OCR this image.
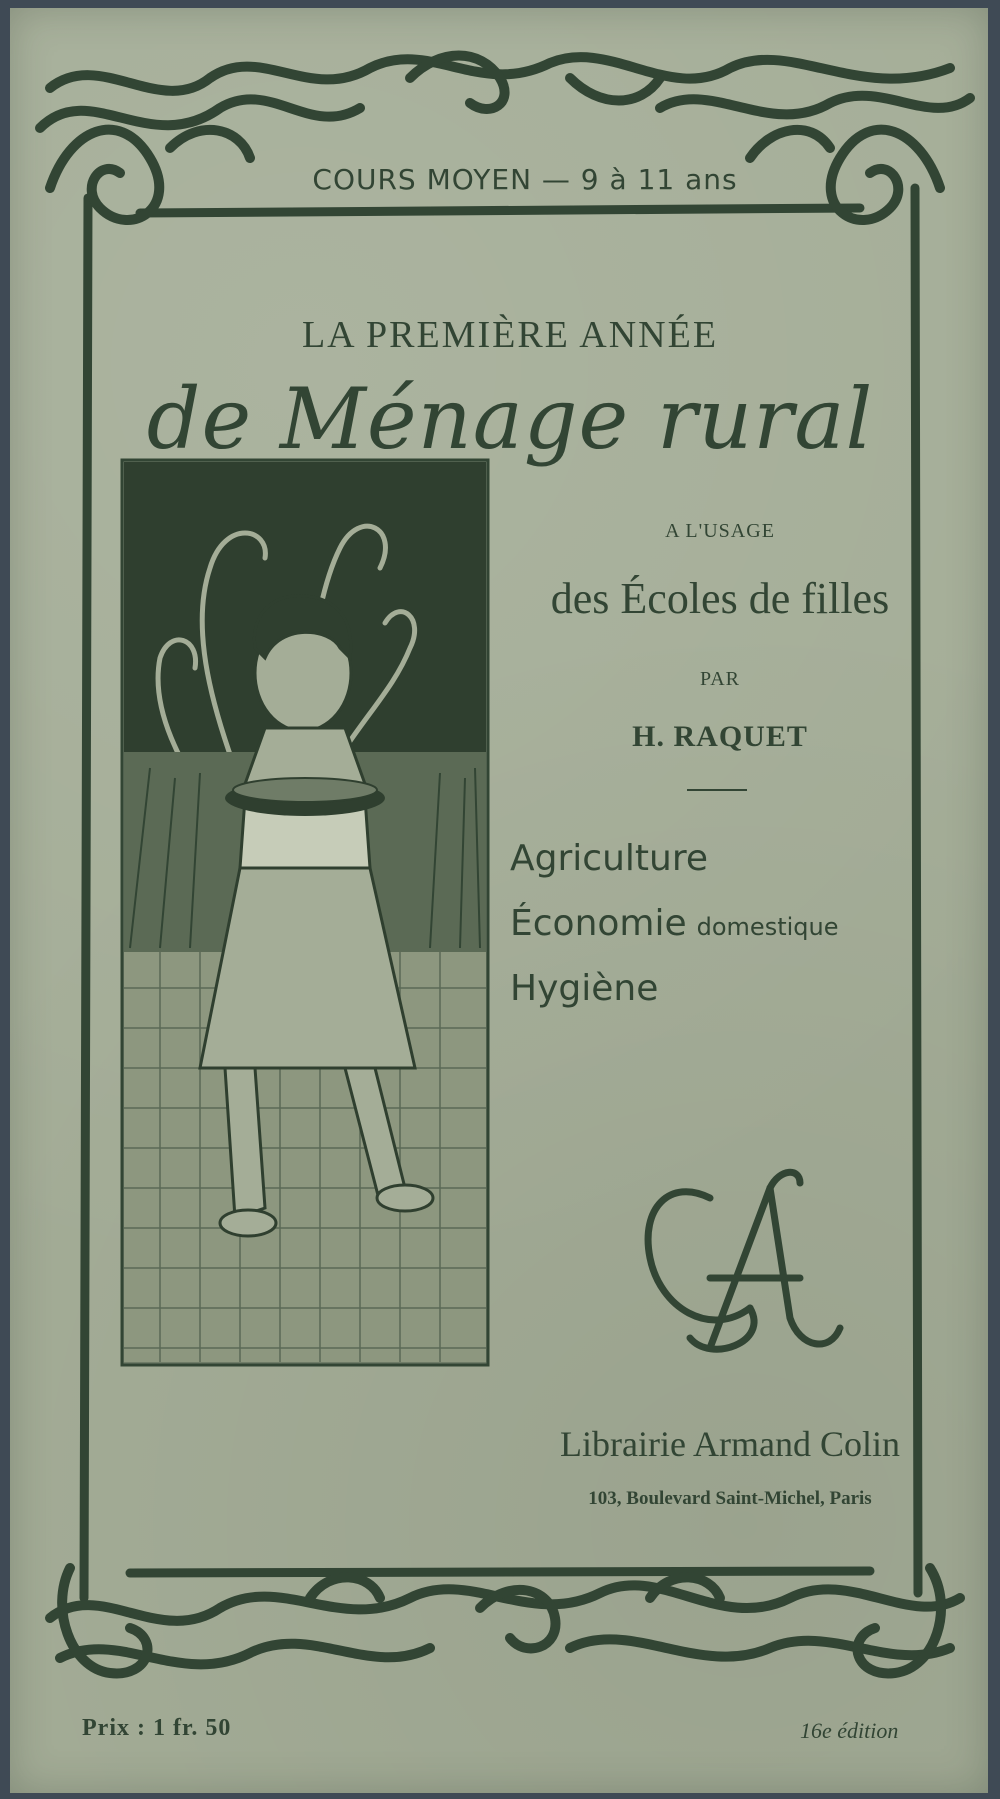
COURS MOYEN — 9 à 11 ans
LA PREMIÈRE ANNÉE
de Ménage rural
A L'USAGE
des Écoles de filles
PAR
H. RAQUET
Agriculture
Économie domestique
Hygiène
Librairie Armand Colin
103, Boulevard Saint-Michel, Paris
Prix : 1 fr. 50	16e édition
